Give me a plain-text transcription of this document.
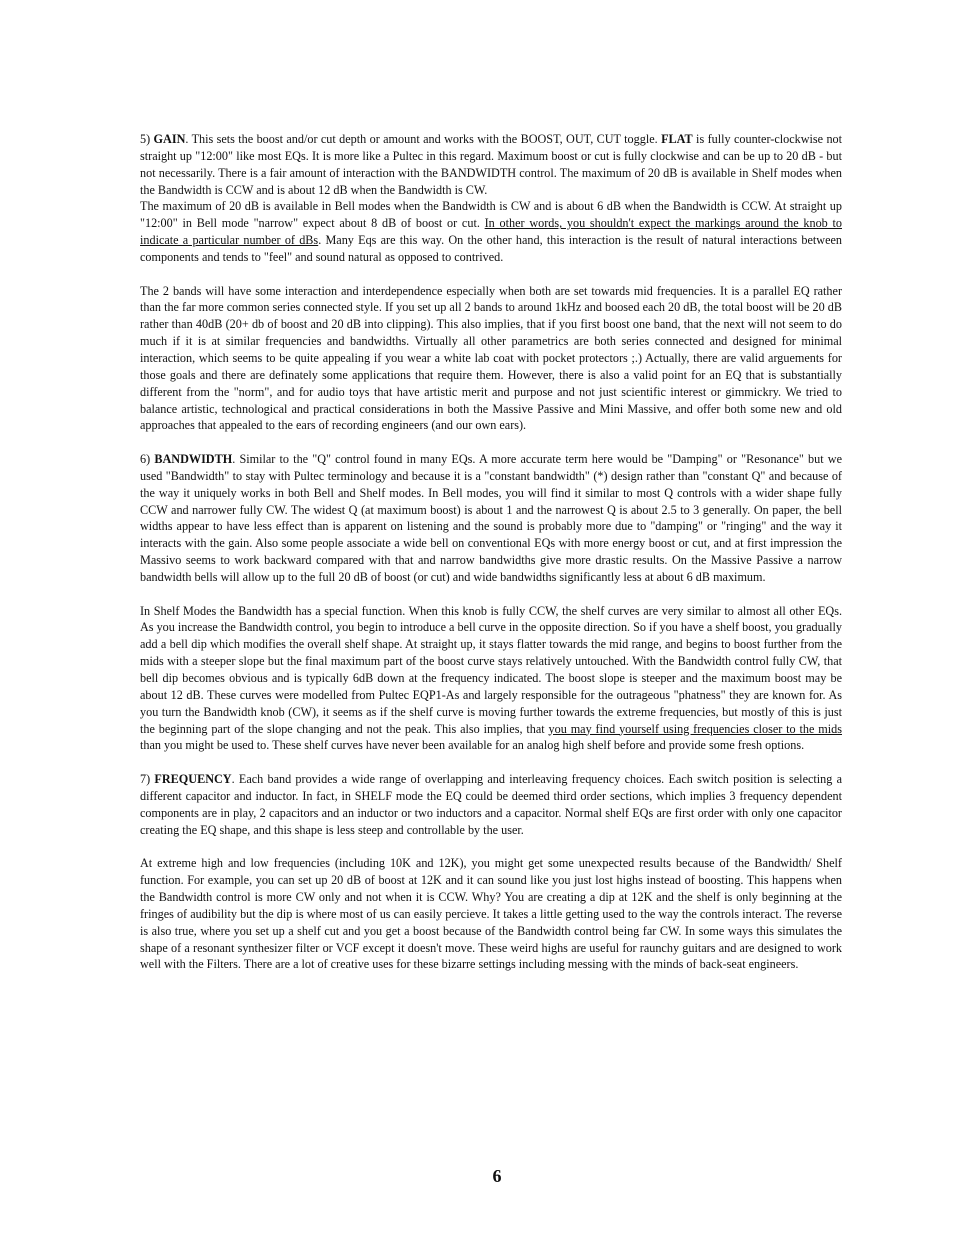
5) GAIN. This sets the boost and/or cut depth or amount and works with the BOOST, OUT, CUT toggle. FLAT is fully counter-clockwise not straight up "12:00" like most EQs. It is more like a Pultec in this regard. Maximum boost or cut is fully clockwise and can be up to 20 dB - but not necessarily. There is a fair amount of interaction with the BANDWIDTH control. The maximum of 20 dB is available in Shelf modes when the Bandwidth is CCW and is about 12 dB when the Bandwidth is CW.

The maximum of 20 dB is available in Bell modes when the Bandwidth is CW and is about 6 dB when the Bandwidth is CCW. At straight up "12:00" in Bell mode "narrow" expect about 8 dB of boost or cut. In other words, you shouldn't expect the markings around the knob to indicate a particular number of dBs. Many Eqs are this way. On the other hand, this interaction is the result of natural interactions between components and tends to "feel" and sound natural as opposed to contrived.

The 2 bands will have some interaction and interdependence especially when both are set towards mid frequencies. It is a parallel EQ rather than the far more common series connected style. If you set up all 2 bands to around 1kHz and boosed each 20 dB, the total boost will be 20 dB rather than 40dB (20+ db of boost and 20 dB into clipping). This also implies, that if you first boost one band, that the next will not seem to do much if it is at similar frequencies and bandwidths. Virtually all other parametrics are both series connected and designed for minimal interaction, which seems to be quite appealing if you wear a white lab coat with pocket protectors ;.) Actually, there are valid arguements for those goals and there are definately some applications that require them. However, there is also a valid point for an EQ that is substantially different from the "norm", and for audio toys that have artistic merit and purpose and not just scientific interest or gimmickry. We tried to balance artistic, technological and practical considerations in both the Massive Passive and Mini Massive, and offer both some new and old approaches that appealed to the ears of recording engineers (and our own ears).

6) BANDWIDTH. Similar to the "Q" control found in many EQs. A more accurate term here would be "Damping" or "Resonance" but we used "Bandwidth" to stay with Pultec terminology and because it is a "constant bandwidth" (*) design rather than "constant Q" and because of the way it uniquely works in both Bell and Shelf modes. In Bell modes, you will find it similar to most Q controls with a wider shape fully CCW and narrower fully CW. The widest Q (at maximum boost) is about 1 and the narrowest Q is about 2.5 to 3 generally. On paper, the bell widths appear to have less effect than is apparent on listening and the sound is probably more due to "damping" or "ringing" and the way it interacts with the gain. Also some people associate a wide bell on conventional EQs with more energy boost or cut, and at first impression the Massivo seems to work backward compared with that and narrow bandwidths give more drastic results. On the Massive Passive a narrow bandwidth bells will allow up to the full 20 dB of boost (or cut) and wide bandwidths significantly less at about 6 dB maximum.

In Shelf Modes the Bandwidth has a special function. When this knob is fully CCW, the shelf curves are very similar to almost all other EQs. As you increase the Bandwidth control, you begin to introduce a bell curve in the opposite direction. So if you have a shelf boost, you gradually add a bell dip which modifies the overall shelf shape. At straight up, it stays flatter towards the mid range, and begins to boost further from the mids with a steeper slope but the final maximum part of the boost curve stays relatively untouched. With the Bandwidth control fully CW, that bell dip becomes obvious and is typically 6dB down at the frequency indicated. The boost slope is steeper and the maximum boost may be about 12 dB. These curves were modelled from Pultec EQP1-As and largely responsible for the outrageous "phatness" they are known for. As you turn the Bandwidth knob (CW), it seems as if the shelf curve is moving further towards the extreme frequencies, but mostly of this is just the beginning part of the slope changing and not the peak. This also implies, that you may find yourself using frequencies closer to the mids than you might be used to. These shelf curves have never been available for an analog high shelf before and provide some fresh options.

7) FREQUENCY. Each band provides a wide range of overlapping and interleaving frequency choices. Each switch position is selecting a different capacitor and inductor. In fact, in SHELF mode the EQ could be deemed third order sections, which implies 3 frequency dependent components are in play, 2 capacitors and an inductor or two inductors and a capacitor. Normal shelf EQs are first order with only one capacitor creating the EQ shape, and this shape is less steep and controllable by the user.

At extreme high and low frequencies (including 10K and 12K), you might get some unexpected results because of the Bandwidth/ Shelf function. For example, you can set up 20 dB of boost at 12K and it can sound like you just lost highs instead of boosting. This happens when the Bandwidth control is more CW only and not when it is CCW. Why? You are creating a dip at 12K and the shelf is only beginning at the fringes of audibility but the dip is where most of us can easily percieve. It takes a little getting used to the way the controls interact. The reverse is also true, where you set up a shelf cut and you get a boost because of the Bandwidth control being far CW. In some ways this simulates the shape of a resonant synthesizer filter or VCF except it doesn't move. These weird highs are useful for raunchy guitars and are designed to work well with the Filters. There are a lot of creative uses for these bizarre settings including messing with the minds of back-seat engineers.

6
